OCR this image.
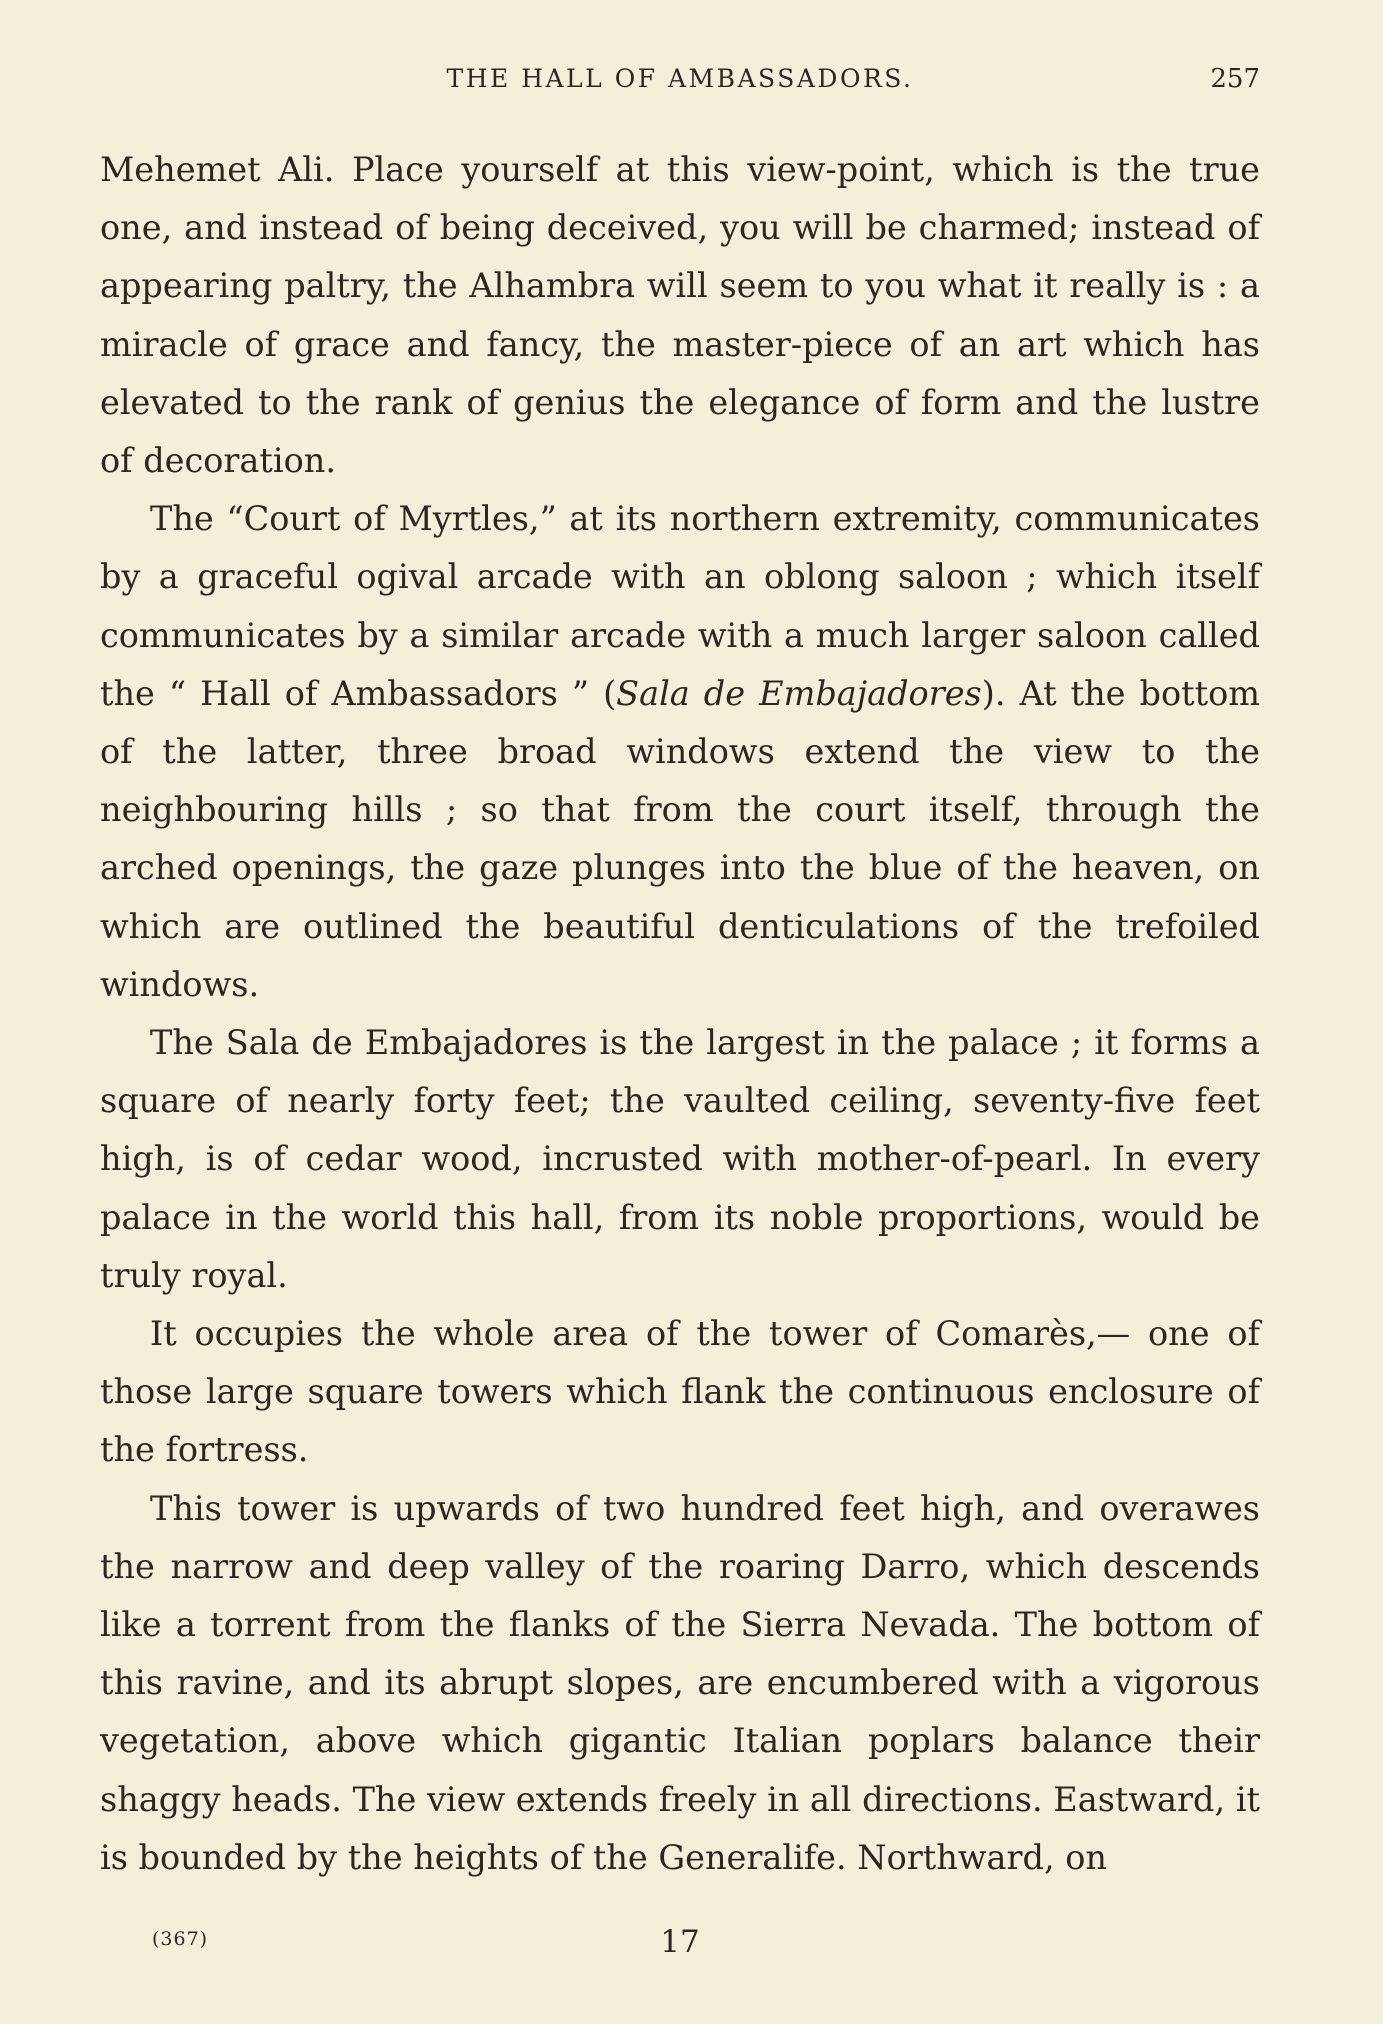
THE HALL OF AMBASSADORS.	257

Mehemet Ali. Place yourself at this view-point, which is the true one, and instead of being deceived, you will be charmed; instead of appearing paltry, the Alhambra will seem to you what it really is : a miracle of grace and fancy, the master-piece of an art which has elevated to the rank of genius the elegance of form and the lustre of decoration.

The “Court of Myrtles,” at its northern extremity, communicates by a graceful ogival arcade with an oblong saloon ; which itself communicates by a similar arcade with a much larger saloon called the “ Hall of Ambassadors ” (Sala de Embajadores). At the bottom of the latter, three broad windows extend the view to the neighbouring hills ; so that from the court itself, through the arched openings, the gaze plunges into the blue of the heaven, on which are outlined the beautiful denticulations of the trefoiled windows.

The Sala de Embajadores is the largest in the palace ; it forms a square of nearly forty feet; the vaulted ceiling, seventy-five feet high, is of cedar wood, incrusted with mother-of-pearl. In every palace in the world this hall, from its noble proportions, would be truly royal.

It occupies the whole area of the tower of Comarès,— one of those large square towers which flank the continuous enclosure of the fortress.

This tower is upwards of two hundred feet high, and overawes the narrow and deep valley of the roaring Darro, which descends like a torrent from the flanks of the Sierra Nevada. The bottom of this ravine, and its abrupt slopes, are encumbered with a vigorous vegetation, above which gigantic Italian poplars balance their shaggy heads. The view extends freely in all directions. Eastward, it is bounded by the heights of the Generalife. Northward, on

(367)	17
